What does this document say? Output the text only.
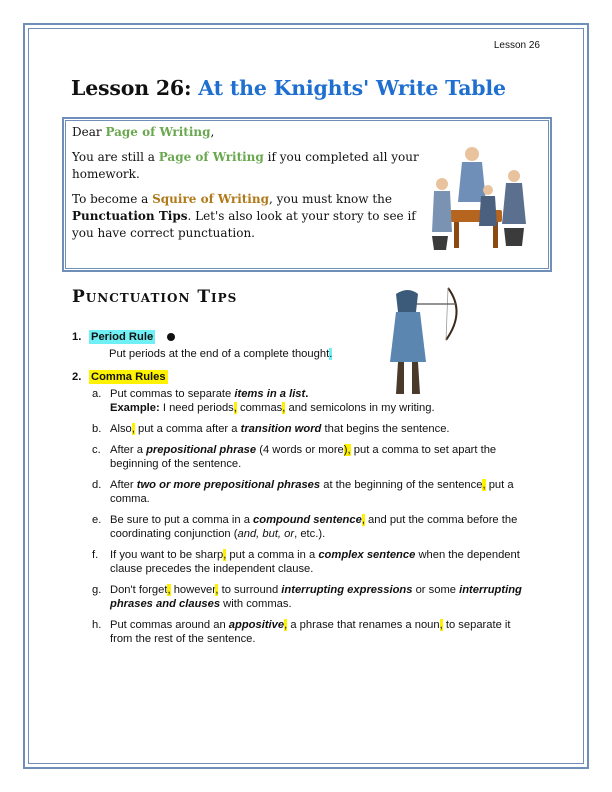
Lesson 26
Lesson 26: At the Knights' Write Table

Dear Page of Writing,

You are still a Page of Writing if you completed all your homework.

To become a Squire of Writing, you must know the Punctuation Tips. Let's also look at your story to see if you have correct punctuation.

Punctuation Tips
1. Period Rule
Put periods at the end of a complete thought.
2. Comma Rules
a. Put commas to separate items in a list.
Example: I need periods, commas, and semicolons in my writing.
b. Also, put a comma after a transition word that begins the sentence.
c. After a prepositional phrase (4 words or more), put a comma to set apart the beginning of the sentence.
d. After two or more prepositional phrases at the beginning of the sentence, put a comma.
e. Be sure to put a comma in a compound sentence, and put the comma before the coordinating conjunction (and, but, or, etc.).
f.	If you want to be sharp, put a comma in a complex sentence when the dependent clause precedes the independent clause.
g. Don't forget, however, to surround interrupting expressions or some interrupting phrases and clauses with commas.
h. Put commas around an appositive, a phrase that renames a noun, to separate it from the rest of the sentence.
